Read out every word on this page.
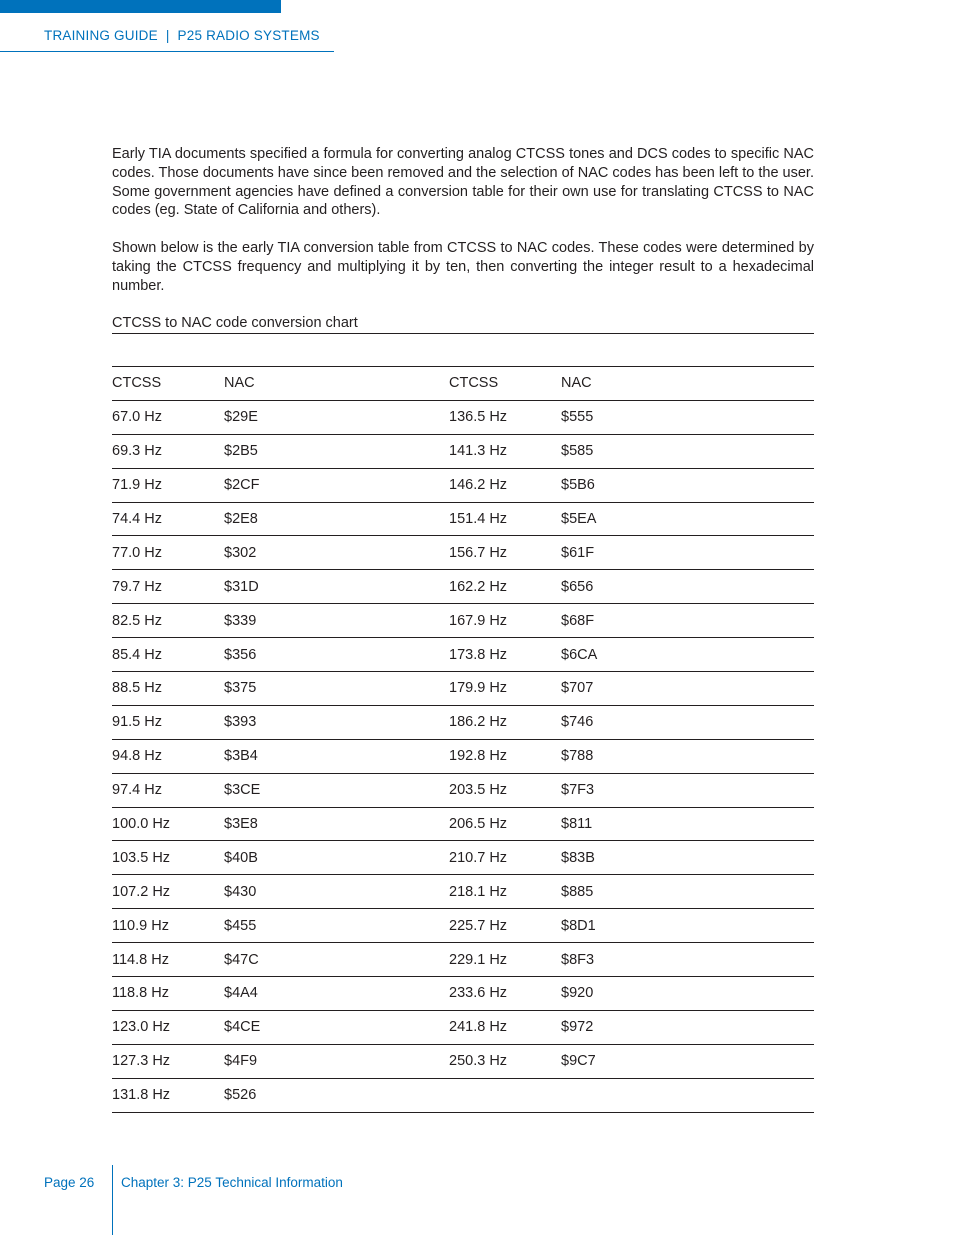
TRAINING GUIDE | P25 RADIO SYSTEMS

Early TIA documents specified a formula for converting analog CTCSS tones and DCS codes to specific NAC codes. Those documents have since been removed and the selection of NAC codes has been left to the user. Some government agencies have defined a conversion table for their own use for translating CTCSS to NAC codes (eg. State of California and others).

Shown below is the early TIA conversion table from CTCSS to NAC codes. These codes were determined by taking the CTCSS frequency and multiplying it by ten, then converting the integer result to a hexadecimal number.

CTCSS to NAC code conversion chart
CTCSS	NAC	CTCSS	NAC
67.0 Hz	$29E	136.5 Hz	$555
69.3 Hz	$2B5	141.3 Hz	$585
71.9 Hz	$2CF	146.2 Hz	$5B6
74.4 Hz	$2E8	151.4 Hz	$5EA
77.0 Hz	$302	156.7 Hz	$61F
79.7 Hz	$31D	162.2 Hz	$656
82.5 Hz	$339	167.9 Hz	$68F
85.4 Hz	$356	173.8 Hz	$6CA
88.5 Hz	$375	179.9 Hz	$707
91.5 Hz	$393	186.2 Hz	$746
94.8 Hz	$3B4	192.8 Hz	$788
97.4 Hz	$3CE	203.5 Hz	$7F3
100.0 Hz	$3E8	206.5 Hz	$811
103.5 Hz	$40B	210.7 Hz	$83B
107.2 Hz	$430	218.1 Hz	$885
110.9 Hz	$455	225.7 Hz	$8D1
114.8 Hz	$47C	229.1 Hz	$8F3
118.8 Hz	$4A4	233.6 Hz	$920
123.0 Hz	$4CE	241.8 Hz	$972
127.3 Hz	$4F9	250.3 Hz	$9C7
131.8 Hz	$526		
Page 26 Chapter 3: P25 Technical Information
